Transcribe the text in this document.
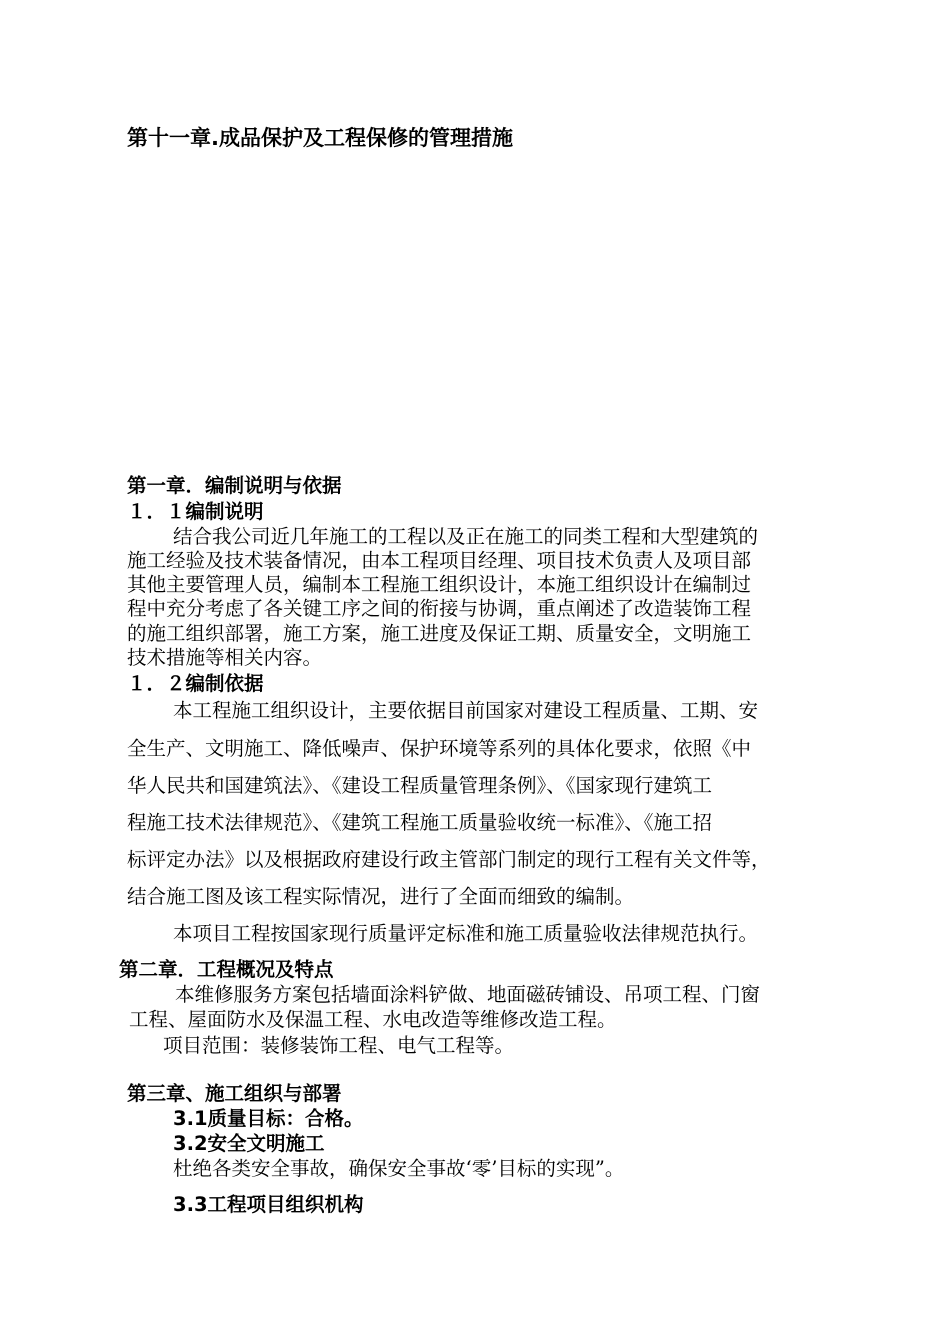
第十一章.成品保护及工程保修的管理措施
第一章．编制说明与依据
１．１编制说明
结合我公司近几年施工的工程以及正在施工的同类工程和大型建筑的
施工经验及技术装备情况，由本工程项目经理、项目技术负责人及项目部
其他主要管理人员，编制本工程施工组织设计，本施工组织设计在编制过
程中充分考虑了各关键工序之间的衔接与协调，重点阐述了改造装饰工程
的施工组织部署，施工方案，施工进度及保证工期、质量安全，文明施工
技术措施等相关内容。
１．２编制依据
本工程施工组织设计，主要依据目前国家对建设工程质量、工期、安
全生产、文明施工、降低噪声、保护环境等系列的具体化要求，依照《中
华人民共和国建筑法》、《建设工程质量管理条例》、《国家现行建筑工
程施工技术法律规范》、《建筑工程施工质量验收统一标准》、《施工招
标评定办法》以及根据政府建设行政主管部门制定的现行工程有关文件等，
结合施工图及该工程实际情况，进行了全面而细致的编制。
本项目工程按国家现行质量评定标准和施工质量验收法律规范执行。
第二章．工程概况及特点
本维修服务方案包括墙面涂料铲做、地面磁砖铺设、吊项工程、门窗
工程、屋面防水及保温工程、水电改造等维修改造工程。
项目范围：装修装饰工程、电气工程等。
第三章、施工组织与部署
3.1质量目标：合格。
3.2安全文明施工
杜绝各类安全事故，确保安全事故‘零’目标的实现”。
3.3工程项目组织机构
